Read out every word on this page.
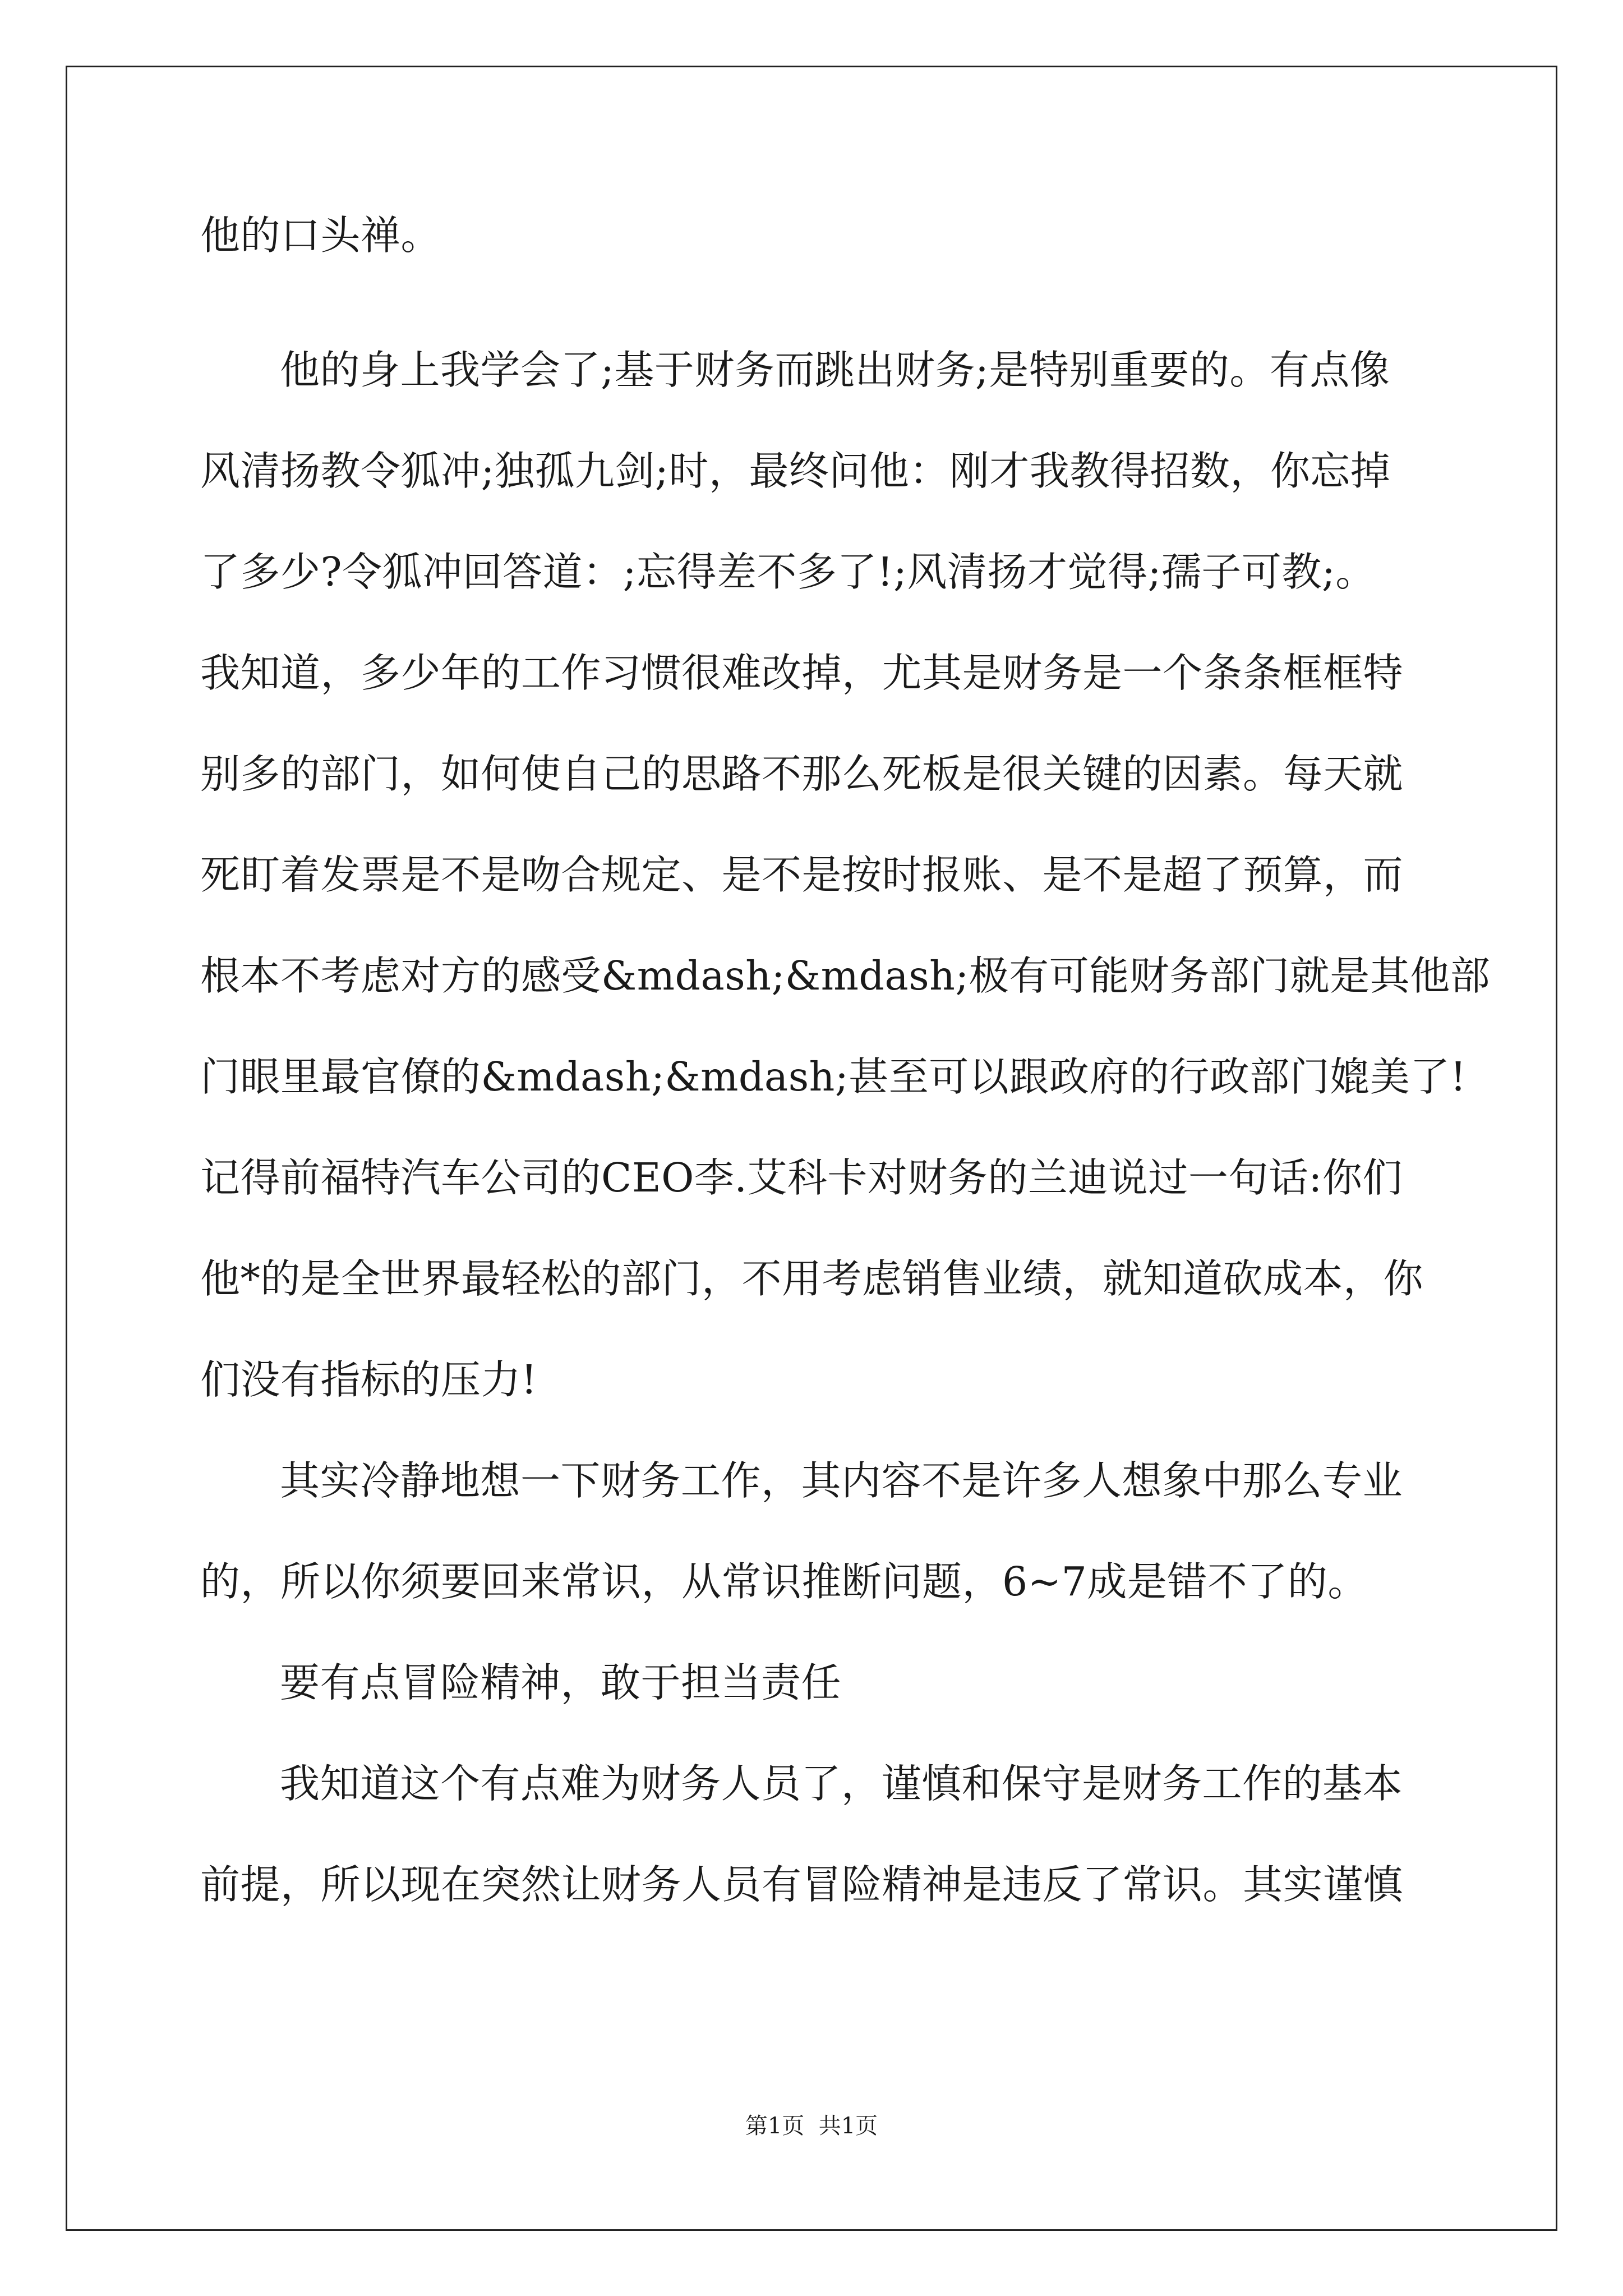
他的口头禅。
他的身上我学会了;基于财务而跳出财务;是特别重要的。有点像
风清扬教令狐冲;独孤九剑;时，最终问他：刚才我教得招数，你忘掉
了多少?令狐冲回答道：;忘得差不多了!;风清扬才觉得;孺子可教;。
我知道，多少年的工作习惯很难改掉，尤其是财务是一个条条框框特
别多的部门，如何使自己的思路不那么死板是很关键的因素。每天就
死盯着发票是不是吻合规定、是不是按时报账、是不是超了预算，而
根本不考虑对方的感受&mdash;&mdash;极有可能财务部门就是其他部
门眼里最官僚的&mdash;&mdash;甚至可以跟政府的行政部门媲美了!
记得前福特汽车公司的CEO李.艾科卡对财务的兰迪说过一句话:你们
他*的是全世界最轻松的部门，不用考虑销售业绩，就知道砍成本，你
们没有指标的压力!
其实冷静地想一下财务工作，其内容不是许多人想象中那么专业
的，所以你须要回来常识，从常识推断问题，6~7成是错不了的。
要有点冒险精神，敢于担当责任
我知道这个有点难为财务人员了，谨慎和保守是财务工作的基本
前提，所以现在突然让财务人员有冒险精神是违反了常识。其实谨慎
第1页  共1页
